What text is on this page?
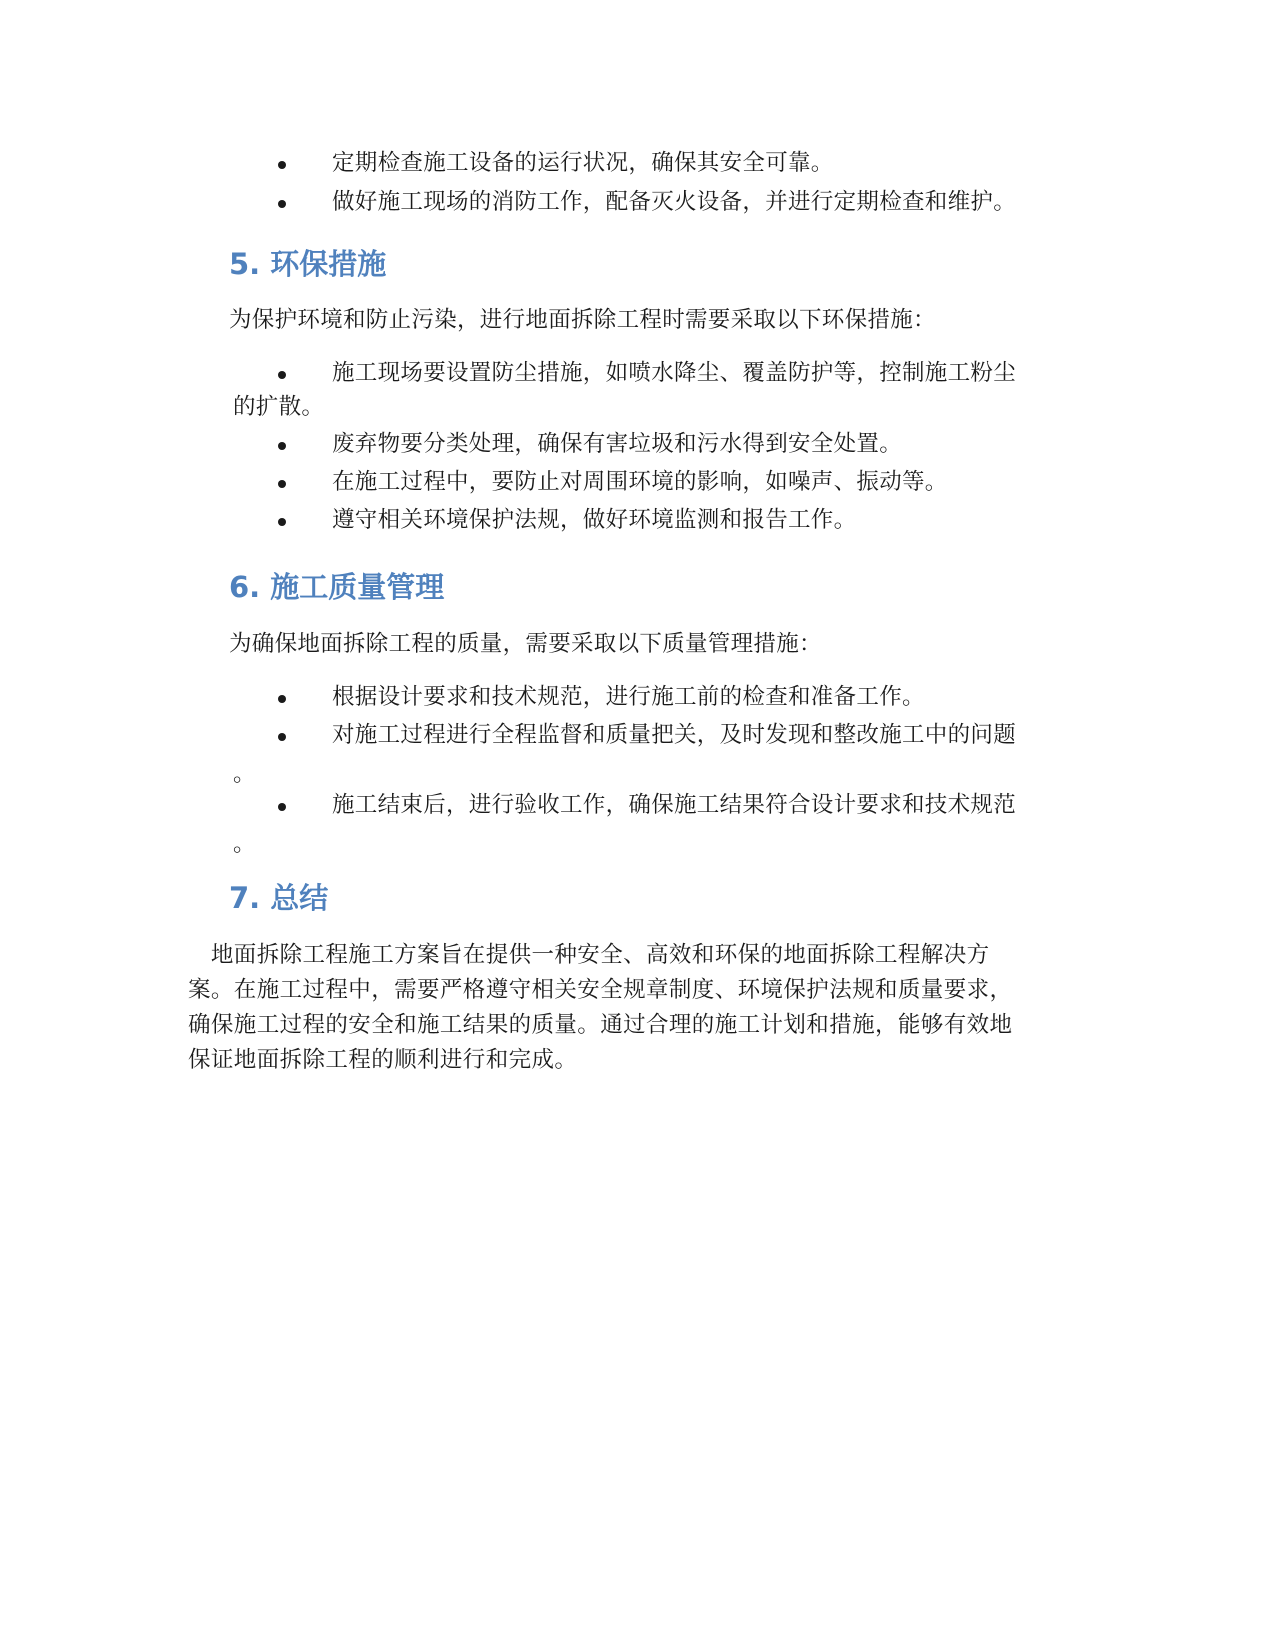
定期检查施工设备的运行状况，确保其安全可靠。
做好施工现场的消防工作，配备灭火设备，并进行定期检查和维护。
5. 环保措施
为保护环境和防止污染，进行地面拆除工程时需要采取以下环保措施：
施工现场要设置防尘措施，如喷水降尘、覆盖防护等，控制施工粉尘
的扩散。
废弃物要分类处理，确保有害垃圾和污水得到安全处置。
在施工过程中，要防止对周围环境的影响，如噪声、振动等。
遵守相关环境保护法规，做好环境监测和报告工作。
6. 施工质量管理
为确保地面拆除工程的质量，需要采取以下质量管理措施：
根据设计要求和技术规范，进行施工前的检查和准备工作。
对施工过程进行全程监督和质量把关，及时发现和整改施工中的问题
。
施工结束后，进行验收工作，确保施工结果符合设计要求和技术规范
。
7. 总结
　地面拆除工程施工方案旨在提供一种安全、高效和环保的地面拆除工程解决方
案。在施工过程中，需要严格遵守相关安全规章制度、环境保护法规和质量要求，
确保施工过程的安全和施工结果的质量。通过合理的施工计划和措施，能够有效地
保证地面拆除工程的顺利进行和完成。
